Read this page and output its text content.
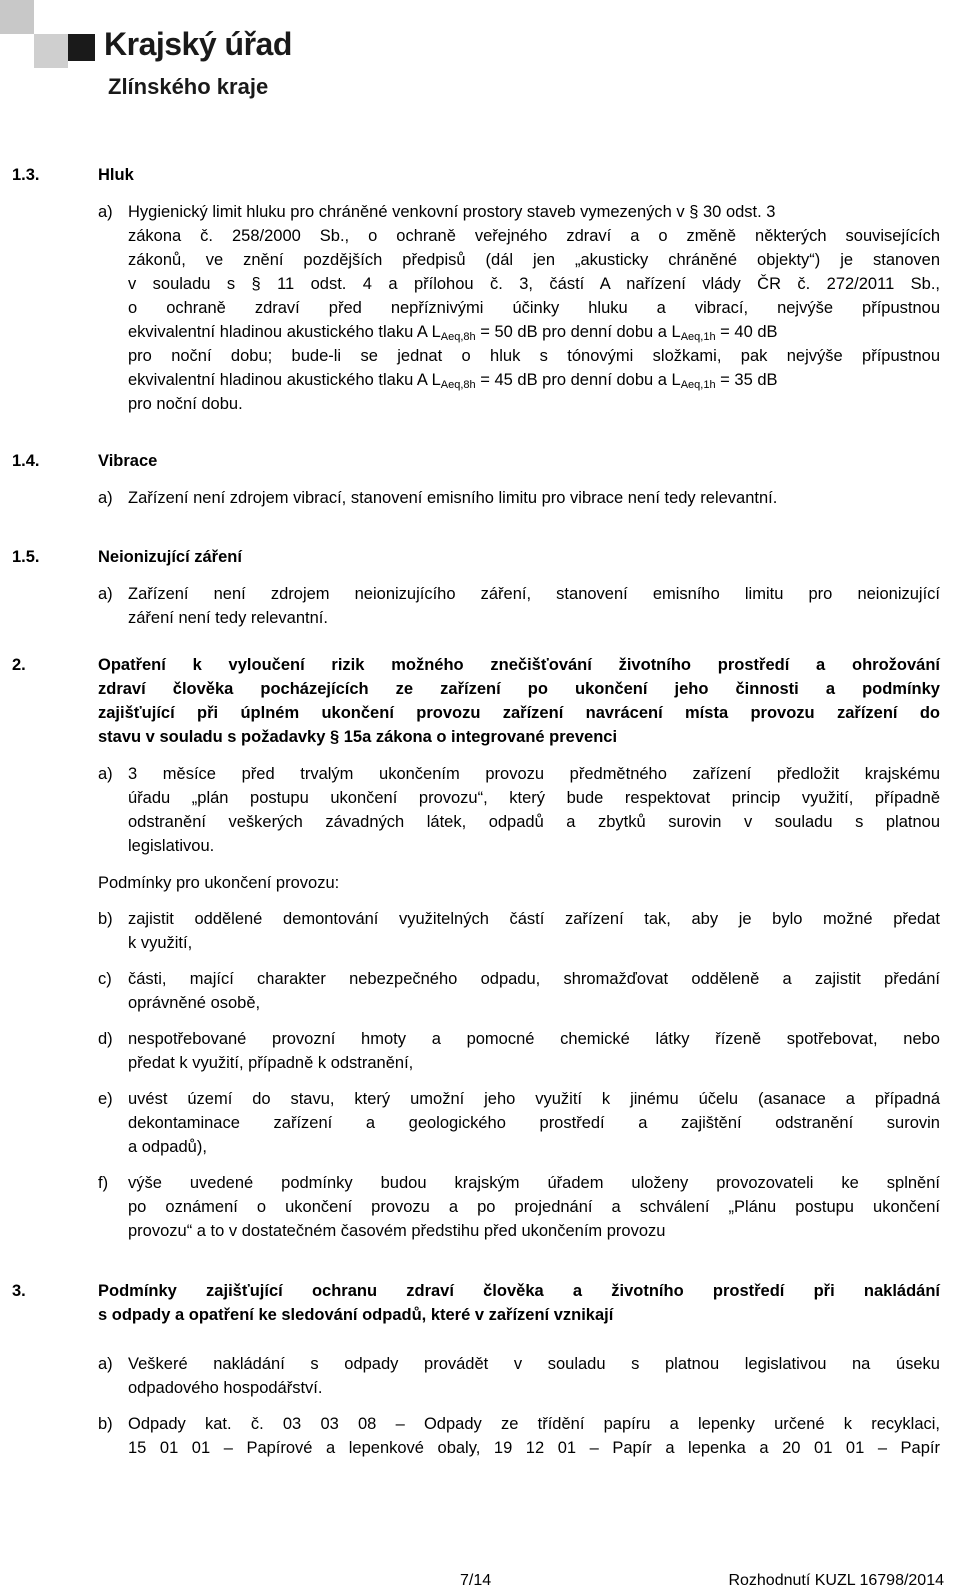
Krajský úřad
Zlínského kraje
1.3.	Hluk
a) Hygienický limit hluku pro chráněné venkovní prostory staveb vymezených v § 30 odst. 3
zákona č. 258/2000 Sb., o ochraně veřejného zdraví a o změně některých souvisejících
zákonů, ve znění pozdějších předpisů (dál jen „akusticky chráněné objekty“) je stanoven
v souladu s § 11 odst. 4 a přílohou č. 3, částí A nařízení vlády ČR č. 272/2011 Sb.,
o ochraně zdraví před nepříznivými účinky hluku a vibrací, nejvýše přípustnou
ekvivalentní hladinou akustického tlaku A $L_{Aeq,8h} = 50$ dB pro denní dobu a $L_{Aeq,1h} = 40$ dB
pro noční dobu; bude-li se jednat o hluk s tónovými složkami, pak nejvýše přípustnou
ekvivalentní hladinou akustického tlaku A $L_{Aeq,8h} = 45$ dB pro denní dobu a $L_{Aeq,1h} = 35$ dB
pro noční dobu.
1.4.	Vibrace
a) Zařízení není zdrojem vibrací, stanovení emisního limitu pro vibrace není tedy relevantní.
1.5.	Neionizující záření
a) Zařízení není zdrojem neionizujícího záření, stanovení emisního limitu pro neionizující
záření není tedy relevantní.
2.	Opatření k vyloučení rizik možného znečišťování životního prostředí a ohrožování
zdraví člověka pocházejících ze zařízení po ukončení jeho činnosti a podmínky
zajišťující při úplném ukončení provozu zařízení navrácení místa provozu zařízení do
stavu v souladu s požadavky § 15a zákona o integrované prevenci
a) 3 měsíce před trvalým ukončením provozu předmětného zařízení předložit krajskému
úřadu „plán postupu ukončení provozu“, který bude respektovat princip využití, případně
odstranění veškerých závadných látek, odpadů a zbytků surovin v souladu s platnou
legislativou.
Podmínky pro ukončení provozu:
b) zajistit oddělené demontování využitelných částí zařízení tak, aby je bylo možné předat
k využití,
c) části, mající charakter nebezpečného odpadu, shromažďovat odděleně a zajistit předání
oprávněné osobě,
d) nespotřebované provozní hmoty a pomocné chemické látky řízeně spotřebovat, nebo
předat k využití, případně k odstranění,
e) uvést území do stavu, který umožní jeho využití k jinému účelu (asanace a případná
dekontaminace zařízení a geologického prostředí a zajištění odstranění surovin
a odpadů),
f) výše uvedené podmínky budou krajským úřadem uloženy provozovateli ke splnění
po oznámení o ukončení provozu a po projednání a schválení „Plánu postupu ukončení
provozu“ a to v dostatečném časovém předstihu před ukončením provozu
3.	Podmínky zajišťující ochranu zdraví člověka a životního prostředí při nakládání
s odpady a opatření ke sledování odpadů, které v zařízení vznikají
a) Veškeré nakládání s odpady provádět v souladu s platnou legislativou na úseku
odpadového hospodářství.
b) Odpady kat. č. 03 03 08 – Odpady ze třídění papíru a lepenky určené k recyklaci,
15 01 01 – Papírové a lepenkové obaly, 19 12 01 – Papír a lepenka a 20 01 01 – Papír
7/14	Rozhodnutí KUZL 16798/2014
